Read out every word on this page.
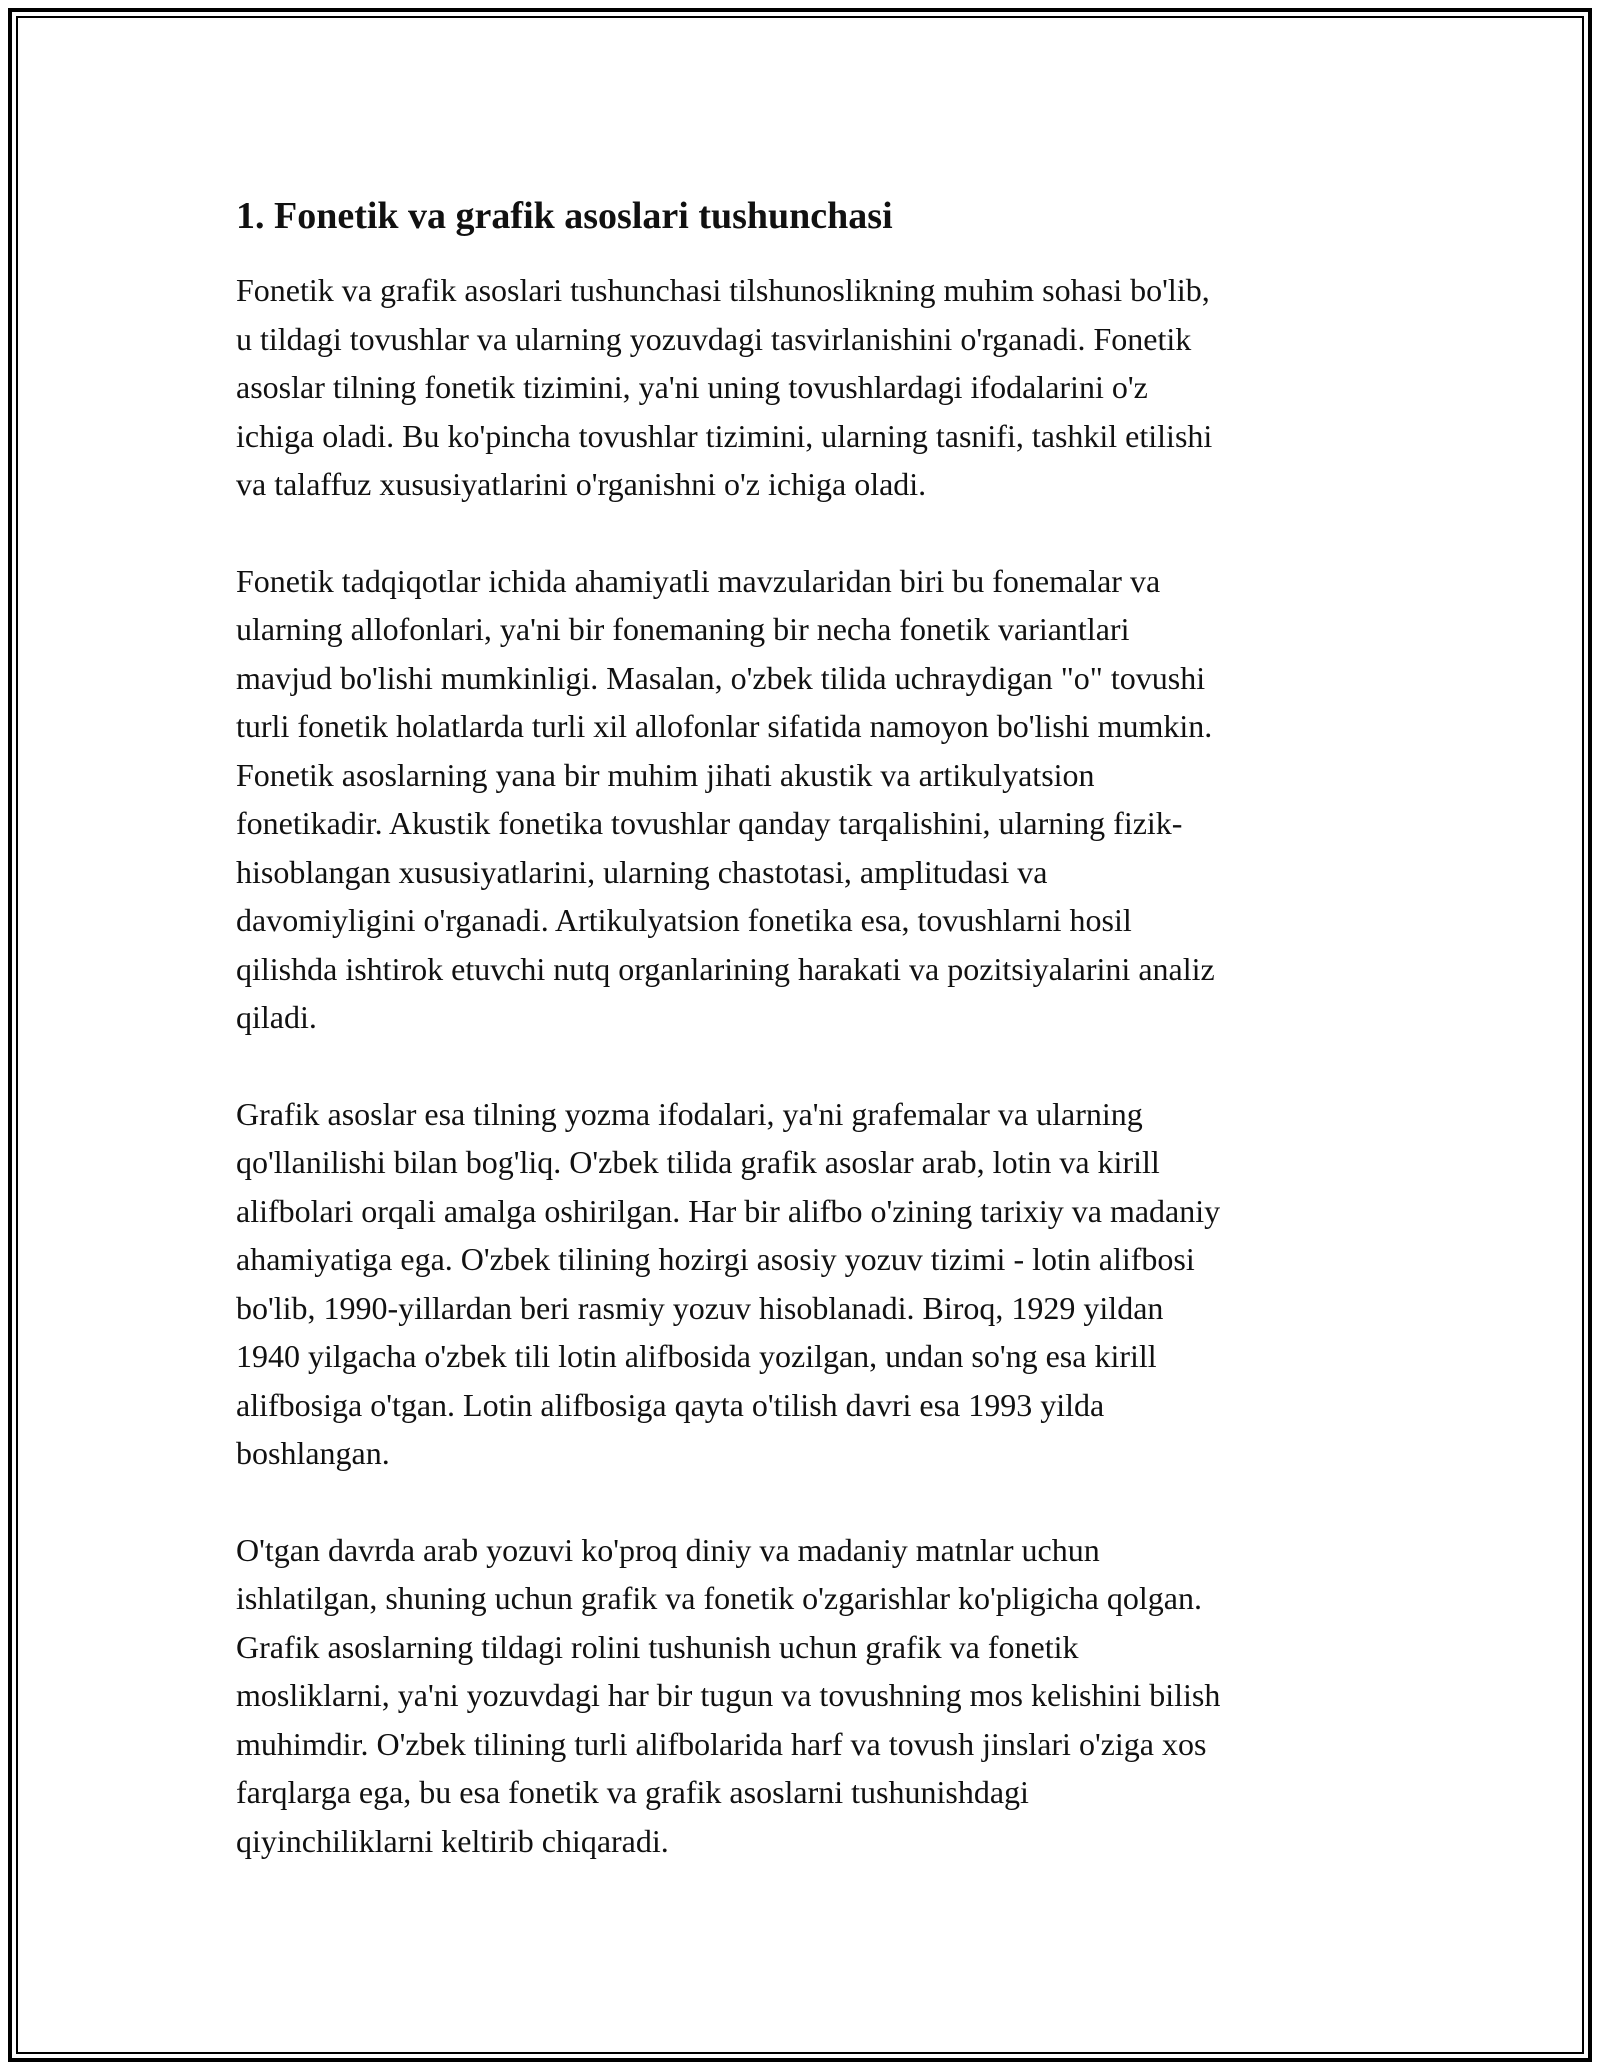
1. Fonetik va grafik asoslari tushunchasi

Fonetik va grafik asoslari tushunchasi tilshunoslikning muhim sohasi bo'lib,
u tildagi tovushlar va ularning yozuvdagi tasvirlanishini o'rganadi. Fonetik
asoslar tilning fonetik tizimini, ya'ni uning tovushlardagi ifodalarini o'z
ichiga oladi. Bu ko'pincha tovushlar tizimini, ularning tasnifi, tashkil etilishi
va talaffuz xususiyatlarini o'rganishni o'z ichiga oladi.

Fonetik tadqiqotlar ichida ahamiyatli mavzularidan biri bu fonemalar va
ularning allofonlari, ya'ni bir fonemaning bir necha fonetik variantlari
mavjud bo'lishi mumkinligi. Masalan, o'zbek tilida uchraydigan "o" tovushi
turli fonetik holatlarda turli xil allofonlar sifatida namoyon bo'lishi mumkin.
Fonetik asoslarning yana bir muhim jihati akustik va artikulyatsion
fonetikadir. Akustik fonetika tovushlar qanday tarqalishini, ularning fizik-
hisoblangan xususiyatlarini, ularning chastotasi, amplitudasi va
davomiyligini o'rganadi. Artikulyatsion fonetika esa, tovushlarni hosil
qilishda ishtirok etuvchi nutq organlarining harakati va pozitsiyalarini analiz
qiladi.

Grafik asoslar esa tilning yozma ifodalari, ya'ni grafemalar va ularning
qo'llanilishi bilan bog'liq. O'zbek tilida grafik asoslar arab, lotin va kirill
alifbolari orqali amalga oshirilgan. Har bir alifbo o'zining tarixiy va madaniy
ahamiyatiga ega. O'zbek tilining hozirgi asosiy yozuv tizimi - lotin alifbosi
bo'lib, 1990-yillardan beri rasmiy yozuv hisoblanadi. Biroq, 1929 yildan
1940 yilgacha o'zbek tili lotin alifbosida yozilgan, undan so'ng esa kirill
alifbosiga o'tgan. Lotin alifbosiga qayta o'tilish davri esa 1993 yilda
boshlangan.

O'tgan davrda arab yozuvi ko'proq diniy va madaniy matnlar uchun
ishlatilgan, shuning uchun grafik va fonetik o'zgarishlar ko'pligicha qolgan.
Grafik asoslarning tildagi rolini tushunish uchun grafik va fonetik
mosliklarni, ya'ni yozuvdagi har bir tugun va tovushning mos kelishini bilish
muhimdir. O'zbek tilining turli alifbolarida harf va tovush jinslari o'ziga xos
farqlarga ega, bu esa fonetik va grafik asoslarni tushunishdagi
qiyinchiliklarni keltirib chiqaradi.
